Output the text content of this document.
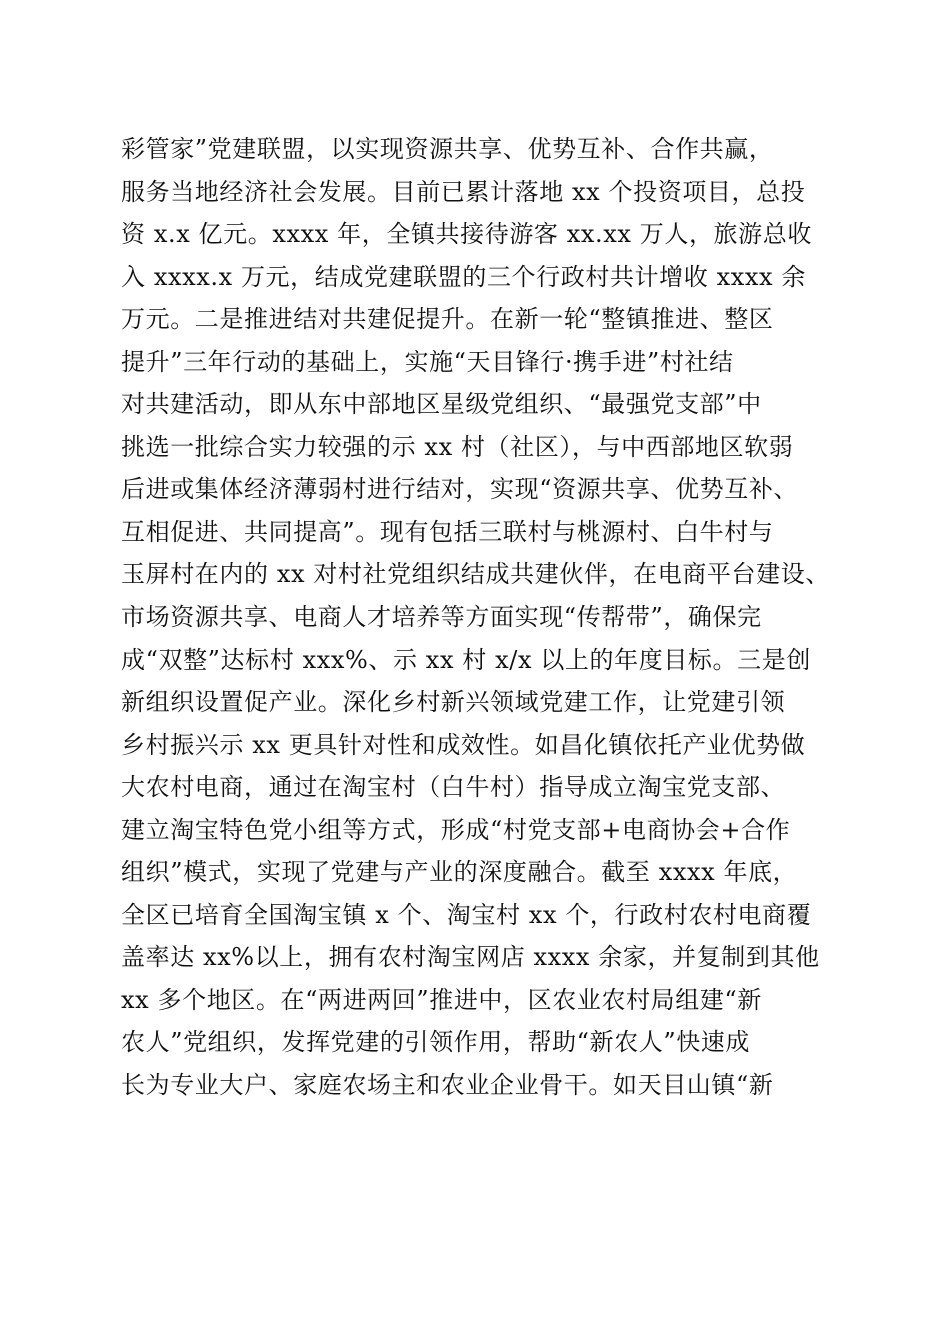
彩管家”党建联盟，以实现资源共享、优势互补、合作共赢，
服务当地经济社会发展。目前已累计落地 xx 个投资项目，总投
资 x.x 亿元。xxxx 年，全镇共接待游客 xx.xx 万人，旅游总收
入 xxxx.x 万元，结成党建联盟的三个行政村共计增收 xxxx 余
万元。二是推进结对共建促提升。在新一轮“整镇推进、整区
提升”三年行动的基础上，实施“天目锋行·携手进”村社结
对共建活动，即从东中部地区星级党组织、“最强党支部”中
挑选一批综合实力较强的示 xx 村（社区），与中西部地区软弱
后进或集体经济薄弱村进行结对，实现“资源共享、优势互补、
互相促进、共同提高”。现有包括三联村与桃源村、白牛村与
玉屏村在内的 xx 对村社党组织结成共建伙伴，在电商平台建设、
市场资源共享、电商人才培养等方面实现“传帮带”，确保完
成“双整”达标村 xxx%、示 xx 村 x/x 以上的年度目标。三是创
新组织设置促产业。深化乡村新兴领域党建工作，让党建引领
乡村振兴示 xx 更具针对性和成效性。如昌化镇依托产业优势做
大农村电商，通过在淘宝村（白牛村）指导成立淘宝党支部、
建立淘宝特色党小组等方式，形成“村党支部+电商协会+合作
组织”模式，实现了党建与产业的深度融合。截至 xxxx 年底，
全区已培育全国淘宝镇 x 个、淘宝村 xx 个，行政村农村电商覆
盖率达 xx%以上，拥有农村淘宝网店 xxxx 余家，并复制到其他
xx 多个地区。在“两进两回”推进中，区农业农村局组建“新
农人”党组织，发挥党建的引领作用，帮助“新农人”快速成
长为专业大户、家庭农场主和农业企业骨干。如天目山镇“新
